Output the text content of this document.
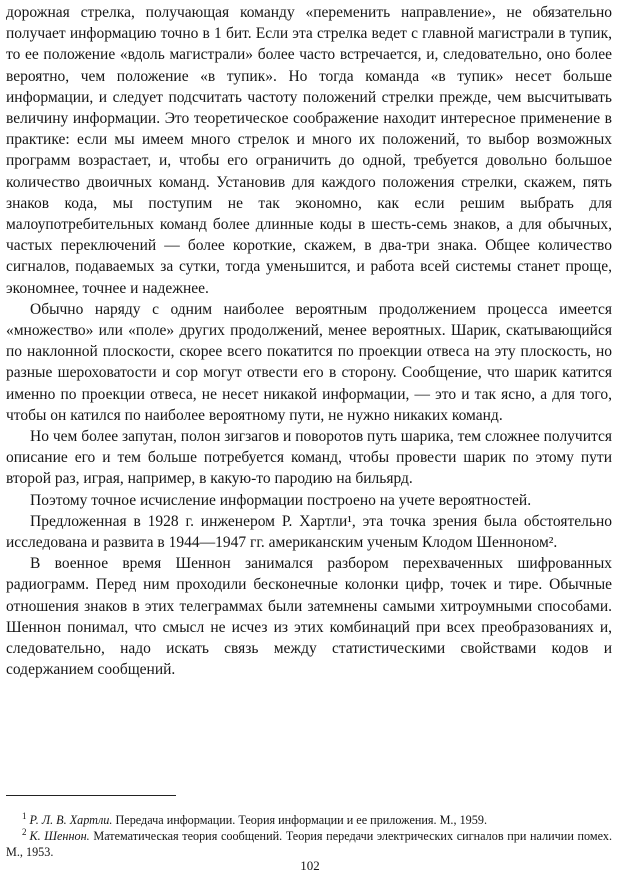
дорожная стрелка, получающая команду «переменить направление», не обязательно получает информацию точно в 1 бит. Если эта стрелка ведет с главной магистрали в тупик, то ее положение «вдоль магистрали» более часто встречается, и, следовательно, оно более вероятно, чем положение «в тупик». Но тогда команда «в тупик» несет больше информации, и следует подсчитать частоту положений стрелки прежде, чем высчитывать величину информации. Это теоретическое соображение находит интересное применение в практике: если мы имеем много стрелок и много их положений, то выбор возможных программ возрастает, и, чтобы его ограничить до одной, требуется довольно большое количество двоичных команд. Установив для каждого положения стрелки, скажем, пять знаков кода, мы поступим не так экономно, как если решим выбрать для малоупотребительных команд более длинные коды в шесть-семь знаков, а для обычных, частых переключений — более короткие, скажем, в два-три знака. Общее количество сигналов, подаваемых за сутки, тогда уменьшится, и работа всей системы станет проще, экономнее, точнее и надежнее.

Обычно наряду с одним наиболее вероятным продолжением процесса имеется «множество» или «поле» других продолжений, менее вероятных. Шарик, скатывающийся по наклонной плоскости, скорее всего покатится по проекции отвеса на эту плоскость, но разные шероховатости и сор могут отвести его в сторону. Сообщение, что шарик катится именно по проекции отвеса, не несет никакой информации, — это и так ясно, а для того, чтобы он катился по наиболее вероятному пути, не нужно никаких команд.

Но чем более запутан, полон зигзагов и поворотов путь шарика, тем сложнее получится описание его и тем больше потребуется команд, чтобы провести шарик по этому пути второй раз, играя, например, в какую-то пародию на бильярд.

Поэтому точное исчисление информации построено на учете вероятностей.

Предложенная в 1928 г. инженером Р. Хартли¹, эта точка зрения была обстоятельно исследована и развита в 1944—1947 гг. американским ученым Клодом Шенноном².

В военное время Шеннон занимался разбором перехваченных шифрованных радиограмм. Перед ним проходили бесконечные колонки цифр, точек и тире. Обычные отношения знаков в этих телеграммах были затемнены самыми хитроумными способами. Шеннон понимал, что смысл не исчез из этих комбинаций при всех преобразованиях и, следовательно, надо искать связь между статистическими свойствами кодов и содержанием сообщений.

$^1$ Р. Л. В. Хартли. Передача информации. Теория информации и ее приложения. М., 1959.

$^2$ К. Шеннон. Математическая теория сообщений. Теория передачи электрических сигналов при наличии помех. М., 1953.

102
